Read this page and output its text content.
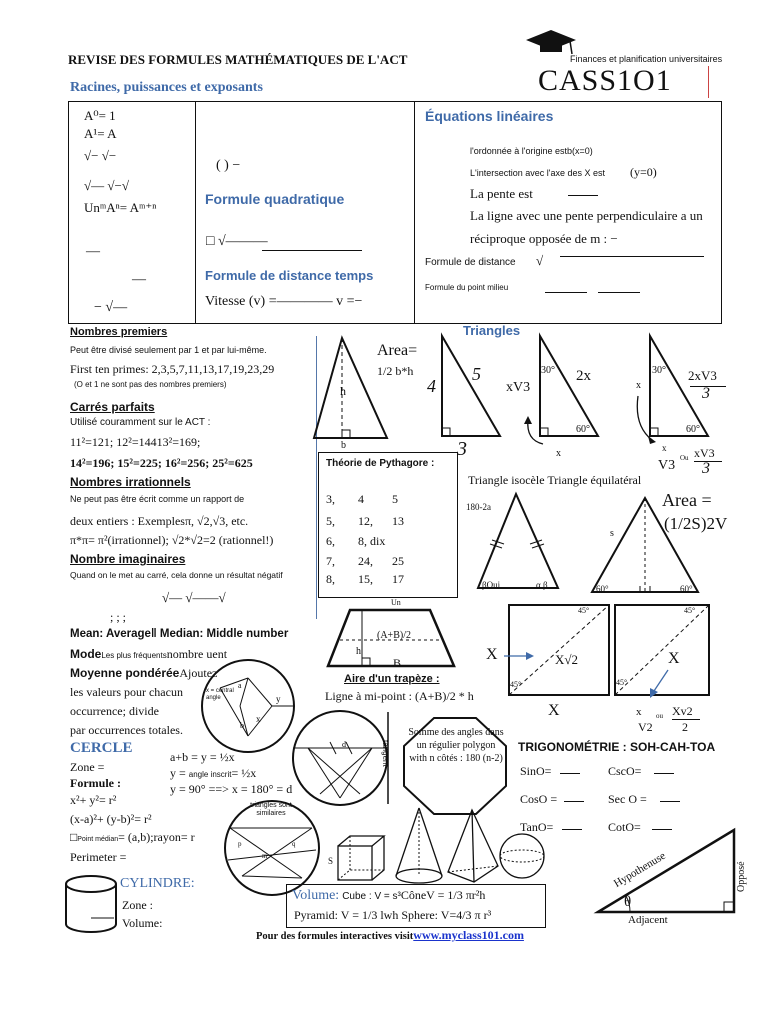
REVISE DES FORMULES MATHÉMATIQUES DE L'ACT	Finances et planification universitaires
CASS1O1
Racines, puissances et exposants
A⁰= 1
A¹= A
√− √−
√— √−√
UnᵐAⁿ= Aᵐ⁺ⁿ
—
—
− √—
( ) −
Formule quadratique
□ √———
Formule de distance temps
Vitesse (v) =———— v =−
Équations linéaires
l'ordonnée à l'origine estb(x=0)
L'intersection avec l'axe des X est (y=0)
La pente est
La ligne avec une pente perpendiculaire a un
réciproque opposée de m : −
Formule de distance √
Formule du point milieu
Nombres premiers
Peut être divisé seulement par 1 et par lui-même.
First ten primes: 2,3,5,7,11,13,17,19,23,29
(O et 1 ne sont pas des nombres premiers)
Carrés parfaits
Utilisé couramment sur le ACT :
11²=121; 12²=14413²=169;
14²=196; 15²=225; 16²=256; 25²=625
Nombres irrationnels
Ne peut pas être écrit comme un rapport de
deux entiers : Exemplesπ, √2,√3, etc.
π*π= π²(irrationnel); √2*√2=2 (rationnel!)
Nombre imaginaires
Quand on le met au carré, cela donne un résultat négatif
√— √——√
; ; ;
Mean: Average‖ Median: Middle number
ModeLes plus fréquentsnombre uent
Moyenne pondéréeAjoutez
les valeurs pour chacun
occurrence; divide
par occurrences totales.
Triangles
h
b
Area=
1/2 b*h
4
5
3
30° 2x
xV3
60°
x
30° 2xV3
3
x
60°
x
V3 Ou xV3
3
Théorie de Pythagore :
3, 4 5
5, 12, 13
6, 8, dix
7, 24, 25
8, 15, 17
Triangle isocèle Triangle équilatéral
180-2a
βOui	α β
Area =
(1/2S)2V
s
60°	60°
Un
(A+B)/2
h
B
Aire d'un trapèze :
Ligne à mi-point : (A+B)/2 * h
X	X√2
X
45°
45°
X
45°
45°
x ou Xv2
V2 2
a
b
y
x
x = central angle
d	tangent
m
p	q
triangles sont similaires
CERCLE
Zone =
Formule :
x²+ y²= r²
(x-a)²+ (y-b)²= r²
□Point médian= (a,b);rayon= r
Perimeter =
a+b = y = ½x
y = angle inscrit= ½x
y = 90° ==> x = 180° = d
Somme des angles dans un régulier polygon with n côtés : 180 (n-2)
S
Volume: Cube : V = s³CôneV = 1/3 πr²h
Pyramid: V = 1/3 lwh Sphere: V=4/3 π r³
CYLINDRE:
Zone :
Volume:
TRIGONOMÉTRIE : SOH-CAH-TOA
SinO=	CscO=
CosO =	Sec O =
TanO=	CotO=
Hypothenuse	Opposé
Adjacent
θ
Pour des formules interactives visitwww.myclass101.com
